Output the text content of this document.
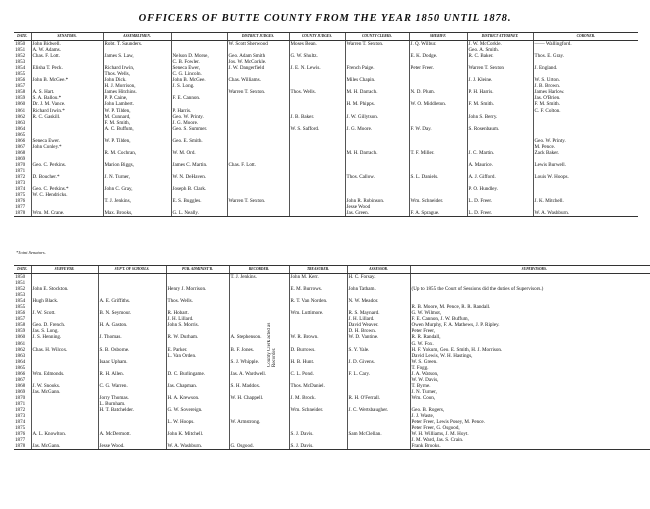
OFFICERS OF BUTTE COUNTY FROM THE YEAR 1850 UNTIL 1878.
DATE.	SENATORS.	ASSEMBLYMEN.		DISTRICT JUDGES.	COUNTY JUDGES.	COUNTY CLERKS.	SHERIFF.	DISTRICT ATTORNEY.	CORONER.
1850	John Bidwell.	Robt. T. Saunders.		W. Scott Sherwood	Moses Bean.	Warren T. Sexton.	J. Q. Wilbur.	J. W. McCorkle.	—— Wallingford.
1851	A. W. Adams.							Geo. A. Smith.	
1852	Chas. F. Lott.	James S. Law,	Nelson D. Morse,	Geo. Adam Smith	G. W. Shultz.		E. K. Dodge.	R. C. Baker.	Thos. E. Gray.
1853			C. B. Fowler.	Jos. W. McCorkle.					
1854	Elisha T. Peck.	Richard Irwin,	Seneca Ewer,	J. W. Dangerfield	J. E. N. Lewis.	French Paige.	Peter Freer.	Warren T. Sexton	J. England.
1855		Thos. Wells,	C. G. Lincoln.						
1856	John B. McGee.*	John Dick.	John B. McGee.	Chas. Williams.		Miles Chapin.		J. J. Kleine.	W. S. Urton.
1857		H. J. Morrison,	J. S. Long.						J. B. Brown.
1858	A. S. Hart.	James Hitchins.		Warren T. Sexton.	Thos. Wells.	M. H. Darrach.	N. D. Plum.	P. H. Harris.	James Harlow.
1859	S. A. Ballou.*	P. P. Caine,	F. E. Cannon.						Jas. O'Brien.
1860	Dr. J. M. Vance.	John Lambert.				H. M. Phipps.	W. O. Middleton.	F. M. Smith.	F. M. Smith.
1861	Richard Irwin.*	W. P. Tilden,	P. Harris.						C. F. Colton.
1862	R. C. Gaskill.	M. Cunnard,	Geo. W. Printy.		J. B. Baker.	J. W. Gillytson.		John S. Berry.	
1863		F. M. Smith,	J. G. Moore.						
1864		A. C. Buffum,	Geo. S. Summer.		W. S. Safford.	J. G. Moore.	F. W. Day.	S. Rosenbaum.	
1865									
1866	Seneca Ewer.	W. P. Tilden,	Geo. E. Smith.						Geo. W. Printy.
1867	John Conley.*								M. Pence.
1868		R. M. Cochran,	W. M. Ord.			M. H. Darrach.	T. F. Miller.	J. C. Martin.	Zack Baker.
1869									
1870	Geo. C. Perkins.	Marion Biggs,	James C. Martin.	Chas. F. Lott.				A. Maurice.	Lewis Burwell.
1871									
1872	D. Boucher.*	J. N. Turner,	W. N. DeHaven.			Thos. Callow.	S. L. Daniels.	A. J. Gifford.	Louis W. Hoops.
1873									
1874	Geo. C. Perkins.*	John C. Gray,	Joseph B. Clark.					P. O. Hundley.	
1875	W. C. Hendricks.								
1876		T. J. Jenkins,	E. S. Buggles.	Warren T. Sexton.		John R. Robinson.	Wm. Schneider.	L. D. Freer.	J. K. Mitchell.
1877						Jesse Wood			
1878	Wm. M. Crane.	Max. Brooks,	G. L. Neally.			Jas. Green.	F. A. Sprague.	L. D. Freer.	W. A. Washburn.
*Joint Senators.
DATE.	SURVEYOR.	SUP'T. OF SCHOOLS.	PUB. ADMINIST'R.	RECORDER.	TREASURER.	ASSESSOR.	SUPERVISORS.
1850				T. J. Jenkins.	John M. Kerr.	H. C. Forsay.	
1851							
1852	John E. Stockton.		Henry J. Morrison.		E. M. Burrows.	John Tatham.	(Up to 1855 the Court of Sessions did the duties of Supervisors.)
1853							
1854	Hugh Black.	A. E. Griffiths.	Thos. Wells.		R. T. Van Norden.	N. W. Meador.	
1855							R. B. Moore, M. Pence, R. R. Randall.
1856	J. W. Scott.	B. N. Seymour.	R. Hobart.		Wm. Luttimore.	R. S. Maynard.	G. W. Wilmot,
1857			J. H. Lillard.			J. H. Lillard.	F. E. Cannon, J. W. Buffum,
1858	Geo. D. French.	H. A. Gaston.	John S. Morris.			David Weaver.	Owen Murphy, F. A. Mathews, J. P. Ripley.
1859	Jas. S. Long.					D. H. Brown.	Peter Freer,
1860	J. S. Henning.	J. Thomas.	R. W. Durham.	A. Stephenson.	W. R. Brown.	W. D. Vantine.	R. R. Randall,
1861							G. W. Fox.
1862	Chas. H. Wilcox.	S. B. Osborne.	E. Parker.	B. F. Jones.	D. Burrows.	S. Y. Yale.	H. F. Yokum, Geo. E. Smith, H. J. Morrison.
1863			L. Van Orden.				David Lewis, W. H. Hastings,
1864		Isaac Upham.		S. J. Whipple.	H. B. Hunt.	J. D. Givens.	W. S. Green.
1865							T. Fogg.
1866	Wm. Edmonds.	R. H. Allen.	D. C. Burlingame.	Jas. A. Wardwell.	C. L. Pond.	F. L. Cary.	J. A. Watson,
1867							W. W. Davis,
1868	J. W. Snooks.	C. G. Warren.	Jas. Chapman.	S. H. Maddox.	Thos. McDaniel.		T. Byrne.
1869	Jas. McGann.						J. N. Turner,
1870		Jorry Thomas.	H. A. Krewson.	W. H. Chappell.	J. M. Brock.	R. H. O'Ferrall.	Wm. Coon,
1871		L. Burnham.					
1872		H. T. Batchelder.	G. W. Sovereign.		Wm. Schneider.	J. C. Wertsbaugher.	Geo. B. Rogers,
1873							J. J. Waste,
1874			L. W. Hoops.	W. Armstrong.			Peter Freer, Lewis Posey, M. Pence.
1875							Peter Freer, G. Osgood,
1876	A. L. Knowlton.	A. McDermott.	John K. Mitchell.		S. J. Davis.	Sam McClellan.	W. H. Williams, J. M. Hoyt.
1877							J. M. Ward, Jas. S. Crain.
1878	Jas. McGann.	Jesse Wood.	W. A. Washburn.	G. Osgood.	S. J. Davis.		Frank Brooks.
County Clerk acted as Recorder.
